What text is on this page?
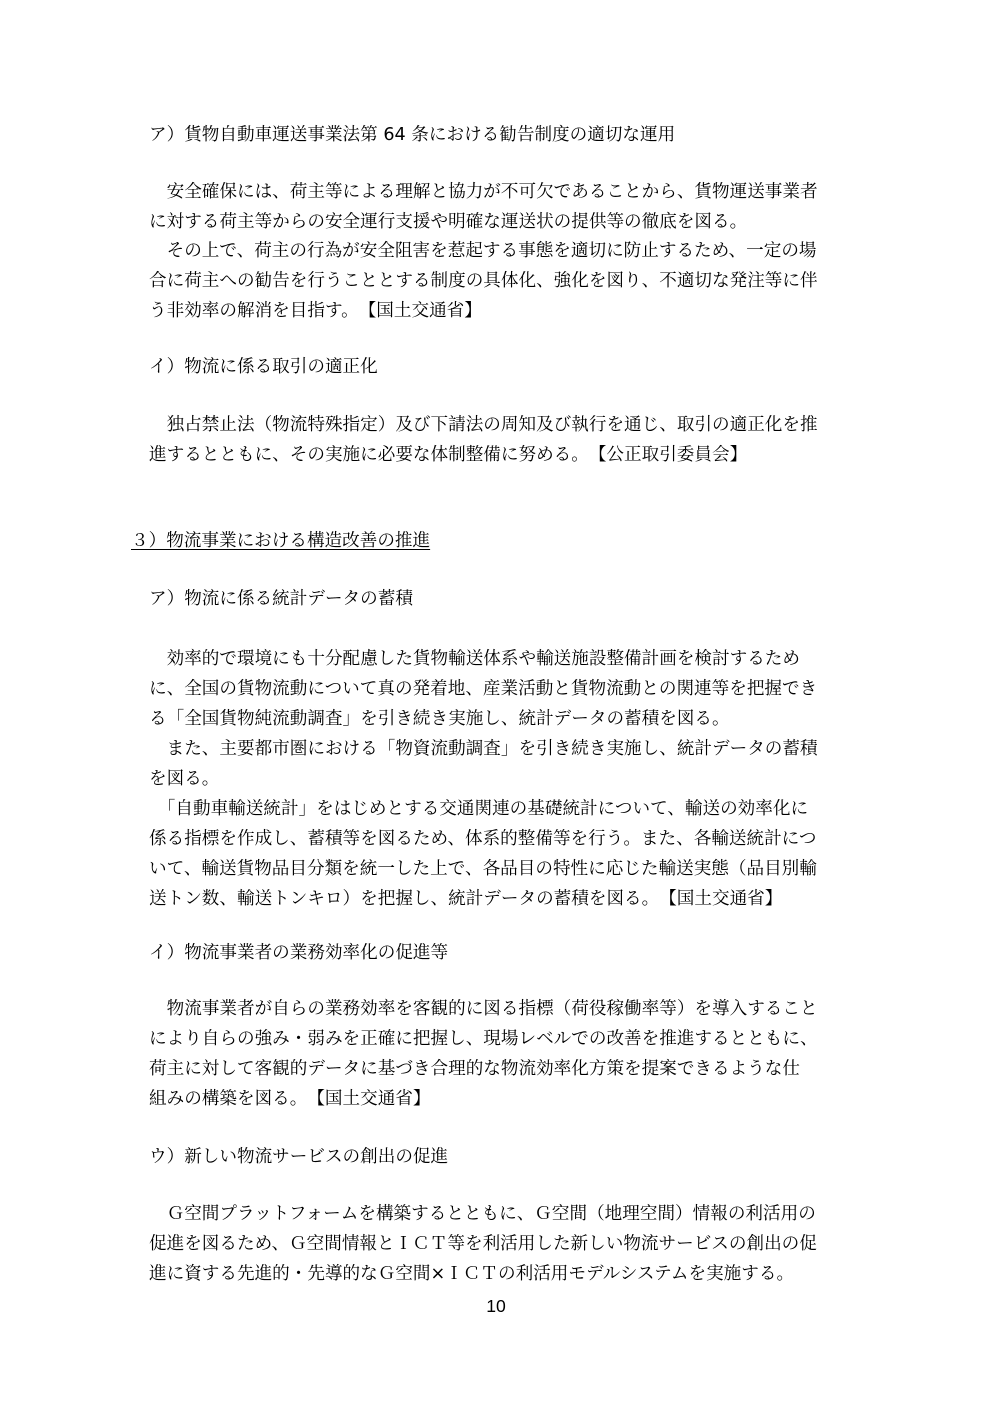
ア）貨物自動車運送事業法第 64 条における勧告制度の適切な運用
　安全確保には、荷主等による理解と協力が不可欠であることから、貨物運送事業者
に対する荷主等からの安全運行支援や明確な運送状の提供等の徹底を図る。
　その上で、荷主の行為が安全阻害を惹起する事態を適切に防止するため、一定の場
合に荷主への勧告を行うこととする制度の具体化、強化を図り、不適切な発注等に伴
う非効率の解消を目指す。　【国土交通省】
イ）物流に係る取引の適正化
　独占禁止法（物流特殊指定）及び下請法の周知及び執行を通じ、取引の適正化を推
進するとともに、その実施に必要な体制整備に努める。　【公正取引委員会】
３）物流事業における構造改善の推進
ア）物流に係る統計データの蓄積
　効率的で環境にも十分配慮した貨物輸送体系や輸送施設整備計画を検討するため
に、全国の貨物流動について真の発着地、産業活動と貨物流動との関連等を把握でき
る「全国貨物純流動調査」を引き続き実施し、統計データの蓄積を図る。
　また、主要都市圏における「物資流動調査」を引き続き実施し、統計データの蓄積
を図る。
　「自動車輸送統計」をはじめとする交通関連の基礎統計について、輸送の効率化に
係る指標を作成し、蓄積等を図るため、体系的整備等を行う。また、各輸送統計につ
いて、輸送貨物品目分類を統一した上で、各品目の特性に応じた輸送実態（品目別輸
送トン数、輸送トンキロ）を把握し、統計データの蓄積を図る。　【国土交通省】
イ）物流事業者の業務効率化の促進等
　物流事業者が自らの業務効率を客観的に図る指標（荷役稼働率等）を導入すること
により自らの強み・弱みを正確に把握し、現場レベルでの改善を推進するとともに、
荷主に対して客観的データに基づき合理的な物流効率化方策を提案できるような仕
組みの構築を図る。　【国土交通省】
ウ）新しい物流サービスの創出の促進
　Ｇ空間プラットフォームを構築するとともに、Ｇ空間（地理空間）情報の利活用の
促進を図るため、Ｇ空間情報とＩＣＴ等を利活用した新しい物流サービスの創出の促
進に資する先進的・先導的なＧ空間×ＩＣＴの利活用モデルシステムを実施する。
10
